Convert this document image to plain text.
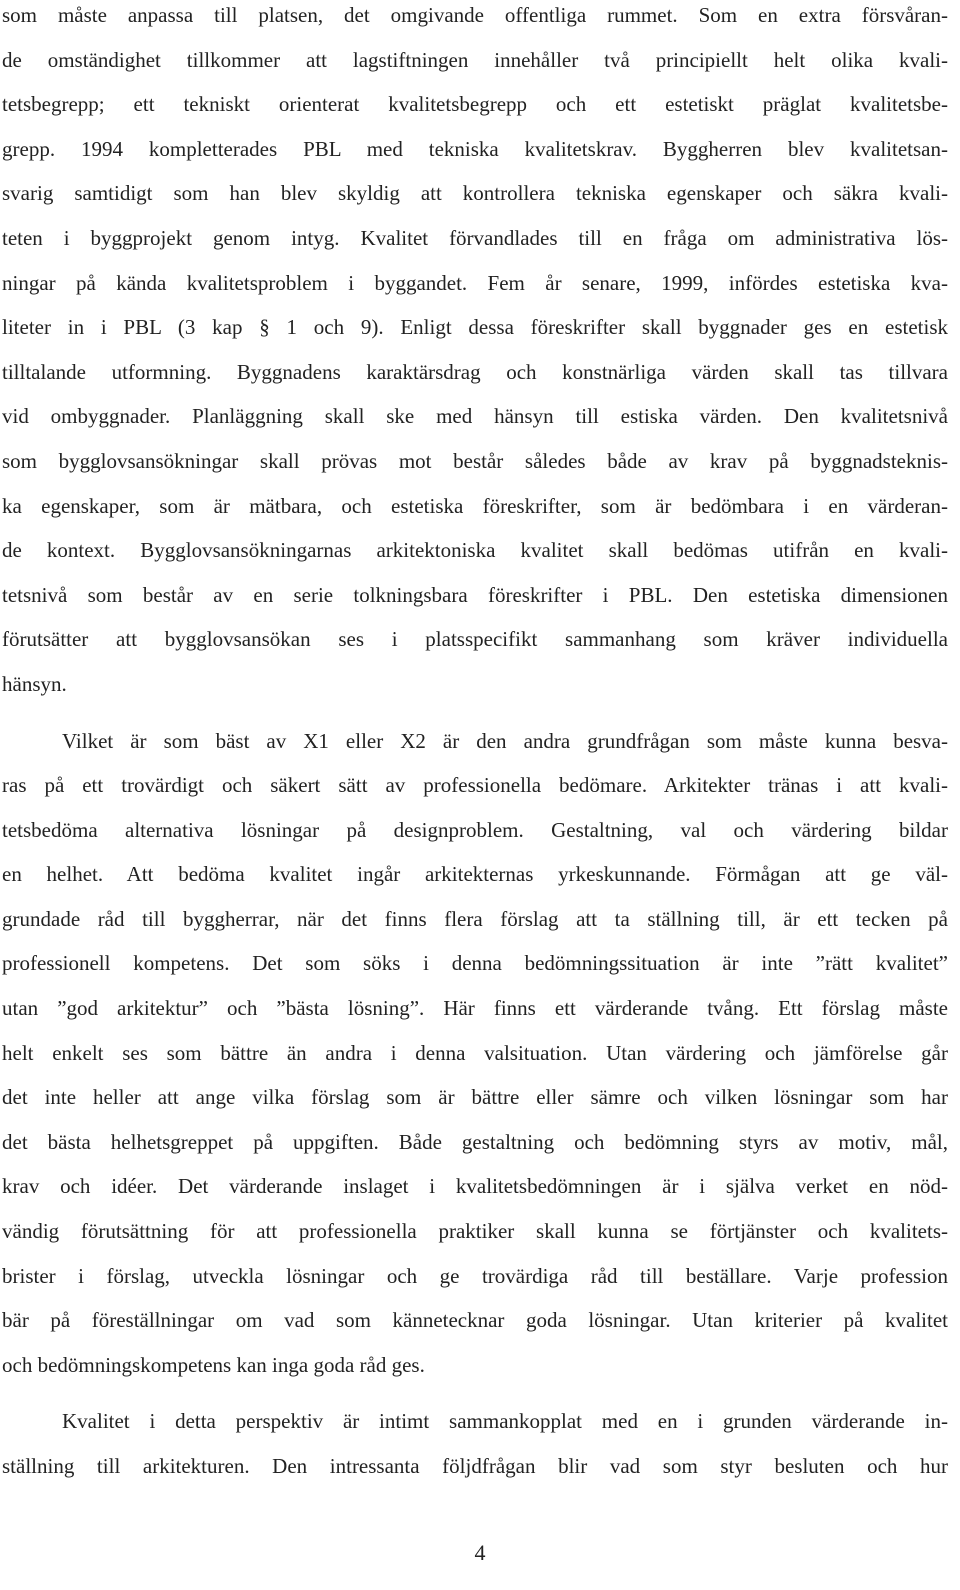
som måste anpassa till platsen, det omgivande offentliga rummet. Som en extra försvåran-
de omständighet tillkommer att lagstiftningen innehåller två principiellt helt olika kvali-
tetsbegrepp; ett tekniskt orienterat kvalitetsbegrepp och ett estetiskt präglat kvalitetsbe-
grepp. 1994 kompletterades PBL med tekniska kvalitetskrav. Byggherren blev kvalitetsan-
svarig samtidigt som han blev skyldig att kontrollera tekniska egenskaper och säkra kvali-
teten i byggprojekt genom intyg. Kvalitet förvandlades till en fråga om administrativa lös-
ningar på kända kvalitetsproblem i byggandet. Fem år senare, 1999, infördes estetiska kva-
liteter in i PBL (3 kap § 1 och 9). Enligt dessa föreskrifter skall byggnader ges en estetisk
tilltalande utformning. Byggnadens karaktärsdrag och konstnärliga värden skall tas tillvara
vid ombyggnader. Planläggning skall ske med hänsyn till estiska värden. Den kvalitetsnivå
som bygglovsansökningar skall prövas mot består således både av krav på byggnadsteknis-
ka egenskaper, som är mätbara, och estetiska föreskrifter, som är bedömbara i en värderan-
de kontext. Bygglovsansökningarnas arkitektoniska kvalitet skall bedömas utifrån en kvali-
tetsnivå som består av en serie tolkningsbara föreskrifter i PBL. Den estetiska dimensionen
förutsätter att bygglovsansökan ses i platsspecifikt sammanhang som kräver individuella
hänsyn.
Vilket är som bäst av X1 eller X2 är den andra grundfrågan som måste kunna besva-
ras på ett trovärdigt och säkert sätt av professionella bedömare. Arkitekter tränas i att kvali-
tetsbedöma alternativa lösningar på designproblem. Gestaltning, val och värdering bildar
en helhet. Att bedöma kvalitet ingår arkitekternas yrkeskunnande. Förmågan att ge väl-
grundade råd till byggherrar, när det finns flera förslag att ta ställning till, är ett tecken på
professionell kompetens. Det som söks i denna bedömningssituation är inte ”rätt kvalitet”
utan ”god arkitektur” och ”bästa lösning”. Här finns ett värderande tvång. Ett förslag måste
helt enkelt ses som bättre än andra i denna valsituation. Utan värdering och jämförelse går
det inte heller att ange vilka förslag som är bättre eller sämre och vilken lösningar som har
det bästa helhetsgreppet på uppgiften. Både gestaltning och bedömning styrs av motiv, mål,
krav och idéer. Det värderande inslaget i kvalitetsbedömningen är i själva verket en nöd-
vändig förutsättning för att professionella praktiker skall kunna se förtjänster och kvalitets-
brister i förslag, utveckla lösningar och ge trovärdiga råd till beställare. Varje profession
bär på föreställningar om vad som kännetecknar goda lösningar. Utan kriterier på kvalitet
och bedömningskompetens kan inga goda råd ges.
Kvalitet i detta perspektiv är intimt sammankopplat med en i grunden värderande in-
ställning till arkitekturen. Den intressanta följdfrågan blir vad som styr besluten och hur
4
